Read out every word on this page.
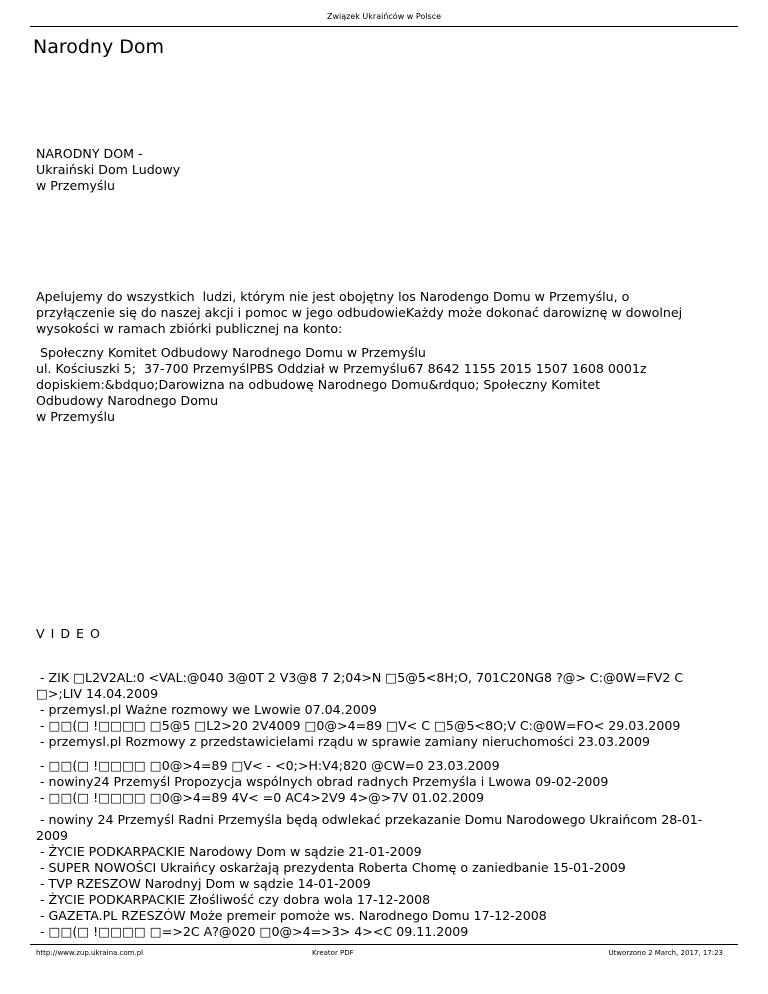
Związek Ukraińców w Polsce
Narodny Dom
NARODNY DOM -
Ukraiński Dom Ludowy
w Przemyślu
Apelujemy do wszystkich  ludzi, którym nie jest obojętny los Narodengo Domu w Przemyślu, o
przyłączenie się do naszej akcji i pomoc w jego odbudowieKażdy może dokonać darowiznę w dowolnej
wysokości w ramach zbiórki publicznej na konto:
Społeczny Komitet Odbudowy Narodnego Domu w Przemyślu
ul. Kościuszki 5;  37-700 PrzemyślPBS Oddział w Przemyślu67 8642 1155 2015 1507 1608 0001z
dopiskiem:&bdquo;Darowizna na odbudowę Narodnego Domu&rdquo; Społeczny Komitet
Odbudowy Narodnego Domu
w Przemyślu
VIDEO
- ZIK □L2V2AL:0 <VAL:@040 3@0T 2 V3@8 7 2;04>N □5@5<8H;O, 701C20NG8 ?@> C:@0W=FV2 C
□>;LIV 14.04.2009
- przemysl.pl Ważne rozmowy we Lwowie 07.04.2009
- □□(□ !□□□□ □5@5 □L2>20 2V4009 □0@>4=89 □V< C □5@5<8O;V C:@0W=FO< 29.03.2009
- przemysl.pl Rozmowy z przedstawicielami rządu w sprawie zamiany nieruchomości 23.03.2009
- □□(□ !□□□□ □0@>4=89 □V< - <0;>H:V4;820 @CW=0 23.03.2009
- nowiny24 Przemyśl Propozycja wspólnych obrad radnych Przemyśla i Lwowa 09-02-2009
- □□(□ !□□□□ □0@>4=89 4V< =0 AC4>2V9 4>@>7V 01.02.2009
- nowiny 24 Przemyśl Radni Przemyśla będą odwlekać przekazanie Domu Narodowego Ukraińcom 28-01-
2009
- ŻYCIE PODKARPACKIE Narodowy Dom w sądzie 21-01-2009
- SUPER NOWOŚCI Ukraińcy oskarżają prezydenta Roberta Chomę o zaniedbanie 15-01-2009
- TVP RZESZOW Narodnyj Dom w sądzie 14-01-2009
- ŻYCIE PODKARPACKIE Złośliwość czy dobra wola 17-12-2008
- GAZETA.PL RZESZÓW Może premeir pomoże ws. Narodnego Domu 17-12-2008
- □□(□ !□□□□ □=>2C A?@020 □0@>4=>3> 4><C 09.11.2009
http://www.zup.ukraina.com.pl	Kreator PDF	Utworzono 2 March, 2017, 17:23
